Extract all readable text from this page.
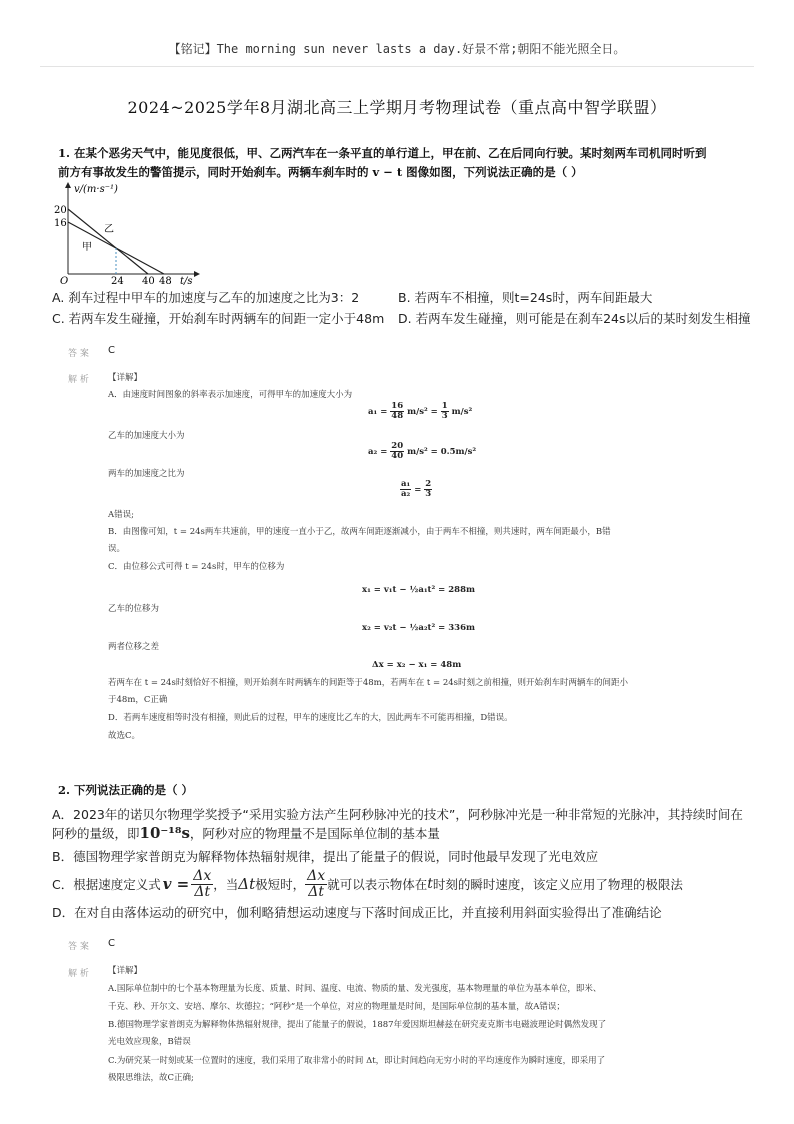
【铭记】The morning sun never lasts a day.好景不常;朝阳不能光照全日。
2024~2025学年8月湖北高三上学期月考物理试卷（重点高中智学联盟）
1. 在某个恶劣天气中，能见度很低，甲、乙两汽车在一条平直的单行道上，甲在前、乙在后同向行驶。某时刻两车司机同时听到
前方有事故发生的警笛提示，同时开始刹车。两辆车刹车时的 v − t 图像如图，下列说法正确的是（ ）
v/(m·s⁻¹)
20
16
O	24 40 48 t/s
甲
乙
A. 刹车过程中甲车的加速度与乙车的加速度之比为3：2	B. 若两车不相撞，则t=24s时，两车间距最大
C. 若两车发生碰撞，开始刹车时两辆车的间距一定小于48m D. 若两车发生碰撞，则可能是在刹车24s以后的某时刻发生相撞
答 案 C
解 析 【详解】
A．由速度时间图象的斜率表示加速度，可得甲车的加速度大小为
$a_1 = \frac{16}{48} m/s^2 = \frac{1}{3} m/s^2$
乙车的加速度大小为
$a_2 = \frac{20}{40} m/s^2 = 0.5m/s^2$
两车的加速度之比为
$\frac{\text{a₁}}{\text{a₂}} = \frac{2}{3}$
A错误;
B．由图像可知，t = 24s两车共速前，甲的速度一直小于乙，故两车间距逐渐减小，由于两车不相撞，则共速时，两车间距最小，B错
误。
C．由位移公式可得 t = 24s时，甲车的位移为
x₁ = v₁t − ½a₁t² = 288m
乙车的位移为
x₂ = v₂t − ½a₂t² = 336m
两者位移之差
Δx = x₂ − x₁ = 48m
若两车在 t = 24s时刻恰好不相撞，则开始刹车时两辆车的间距等于48m，若两车在 t = 24s时刻之前相撞，则开始刹车时两辆车的间距小
于48m，C正确
D．若两车速度相等时没有相撞，则此后的过程，甲车的速度比乙车的大，因此两车不可能再相撞，D错误。
故选C。
2. 下列说法正确的是（ ）
A．2023年的诺贝尔物理学奖授予“采用实验方法产生阿秒脉冲光的技术”，阿秒脉冲光是一种非常短的光脉冲，其持续时间在
阿秒的量级，即10⁻¹⁸s，阿秒对应的物理量不是国际单位制的基本量
B．德国物理学家普朗克为解释物体热辐射规律，提出了能量子的假说，同时他最早发现了光电效应
C．根据速度定义式 $v = \frac{\Delta x}{\Delta t}$ ，当 Δt 极短时， $\frac{\Delta x}{\Delta t}$ 就可以表示物体在 t 时刻的瞬时速度，该定义应用了物理的极限法
D．在对自由落体运动的研究中，伽利略猜想运动速度与下落时间成正比，并直接利用斜面实验得出了准确结论
答 案 C
解 析 【详解】
A.国际单位制中的七个基本物理量为长度、质量、时间、温度、电流、物质的量、发光强度，基本物理量的单位为基本单位，即米、
千克、秒、开尔文、安培、摩尔、坎德拉；“阿秒”是一个单位，对应的物理量是时间，是国际单位制的基本量，故A错误；
B.德国物理学家普朗克为解释物体热辐射规律，提出了能量子的假说，1887年爱因斯坦赫兹在研究麦克斯韦电磁波理论时偶然发现了
光电效应现象，B错误
C.为研究某一时刻或某一位置时的速度，我们采用了取非常小的时间 Δt，即让时间趋向无穷小时的平均速度作为瞬时速度，即采用了
极限思维法，故C正确;
